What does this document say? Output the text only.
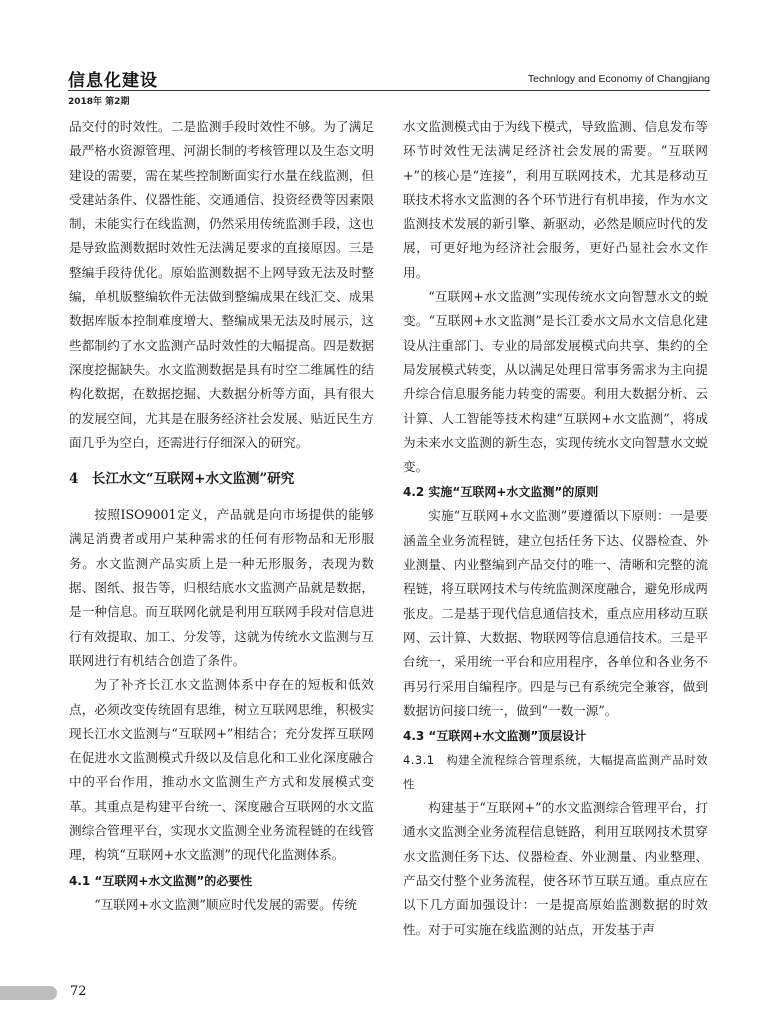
信息化建设	Technlogy and Economy of Changjiang
2018年 第2期

品交付的时效性。二是监测手段时效性不够。为了满足最严格水资源管理、河湖长制的考核管理以及生态文明建设的需要，需在某些控制断面实行水量在线监测，但受建站条件、仪器性能、交通通信、投资经费等因素限制，未能实行在线监测，仍然采用传统监测手段，这也是导致监测数据时效性无法满足要求的直接原因。三是整编手段待优化。原始监测数据不上网导致无法及时整编，单机版整编软件无法做到整编成果在线汇交、成果数据库版本控制难度增大、整编成果无法及时展示，这些都制约了水文监测产品时效性的大幅提高。四是数据深度挖掘缺失。水文监测数据是具有时空二维属性的结构化数据，在数据挖掘、大数据分析等方面，具有很大的发展空间，尤其是在服务经济社会发展、贴近民生方面几乎为空白，还需进行仔细深入的研究。

4　长江水文“互联网+水文监测”研究

按照ISO9001定义，产品就是向市场提供的能够满足消费者或用户某种需求的任何有形物品和无形服务。水文监测产品实质上是一种无形服务，表现为数据、图纸、报告等，归根结底水文监测产品就是数据，是一种信息。而互联网化就是利用互联网手段对信息进行有效提取、加工、分发等，这就为传统水文监测与互联网进行有机结合创造了条件。

为了补齐长江水文监测体系中存在的短板和低效点，必须改变传统固有思维，树立互联网思维，积极实现长江水文监测与“互联网+”相结合；充分发挥互联网在促进水文监测模式升级以及信息化和工业化深度融合中的平台作用，推动水文监测生产方式和发展模式变革。其重点是构建平台统一、深度融合互联网的水文监测综合管理平台，实现水文监测全业务流程链的在线管理，构筑“互联网+水文监测”的现代化监测体系。

4.1 “互联网+水文监测”的必要性

“互联网+水文监测”顺应时代发展的需要。传统

水文监测模式由于为线下模式，导致监测、信息发布等环节时效性无法满足经济社会发展的需要。“互联网+”的核心是“连接”，利用互联网技术，尤其是移动互联技术将水文监测的各个环节进行有机串接，作为水文监测技术发展的新引擎、新驱动，必然是顺应时代的发展，可更好地为经济社会服务，更好凸显社会水文作用。

“互联网+水文监测”实现传统水文向智慧水文的蜕变。“互联网+水文监测”是长江委水文局水文信息化建设从注重部门、专业的局部发展模式向共享、集约的全局发展模式转变，从以满足处理日常事务需求为主向提升综合信息服务能力转变的需要。利用大数据分析、云计算、人工智能等技术构建“互联网+水文监测”，将成为未来水文监测的新生态，实现传统水文向智慧水文蜕变。

4.2 实施“互联网+水文监测”的原则

实施“互联网+水文监测”要遵循以下原则：一是要涵盖全业务流程链，建立包括任务下达、仪器检查、外业测量、内业整编到产品交付的唯一、清晰和完整的流程链，将互联网技术与传统监测深度融合，避免形成两张皮。二是基于现代信息通信技术，重点应用移动互联网、云计算、大数据、物联网等信息通信技术。三是平台统一，采用统一平台和应用程序，各单位和各业务不再另行采用自编程序。四是与已有系统完全兼容，做到数据访问接口统一，做到“一数一源”。

4.3 “互联网+水文监测”顶层设计
4.3.1　构建全流程综合管理系统，大幅提高监测产品时效性

构建基于“互联网+”的水文监测综合管理平台，打通水文监测全业务流程信息链路，利用互联网技术贯穿水文监测任务下达、仪器检查、外业测量、内业整理、产品交付整个业务流程，使各环节互联互通。重点应在以下几方面加强设计：一是提高原始监测数据的时效性。对于可实施在线监测的站点，开发基于声

72
